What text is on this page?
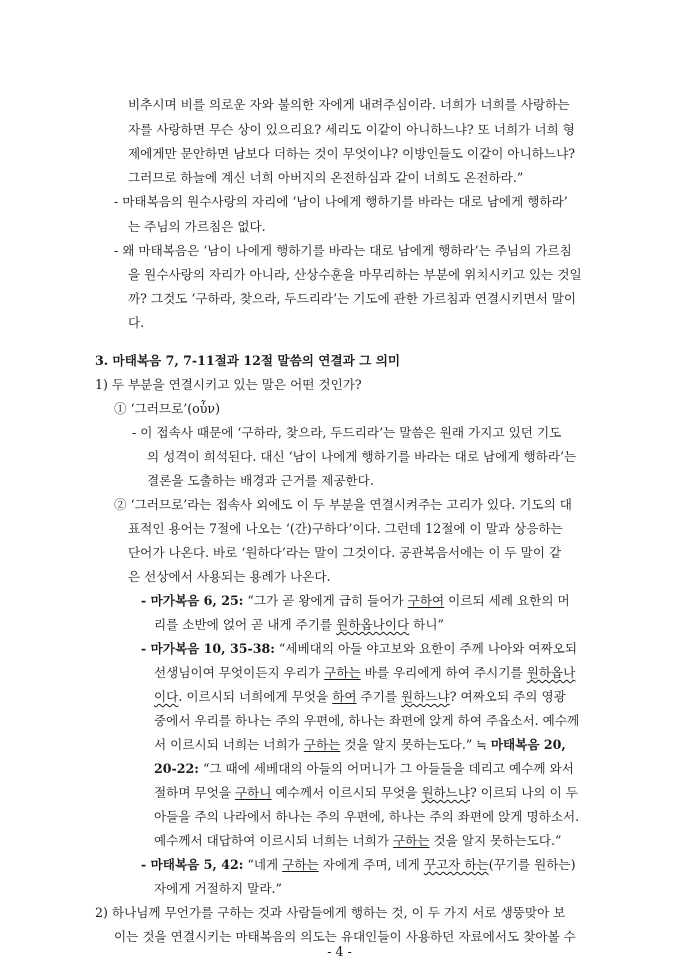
비추시며 비를 의로운 자와 불의한 자에게 내려주심이라. 너희가 너희를 사랑하는
자를 사랑하면 무슨 상이 있으리요? 세리도 이같이 아니하느냐? 또 너희가 너희 형
제에게만 문안하면 남보다 더하는 것이 무엇이냐? 이방인들도 이같이 아니하느냐?
그러므로 하늘에 계신 너희 아버지의 온전하심과 같이 너희도 온전하라.”
- 마태복음의 원수사랑의 자리에 ‘남이 나에게 행하기를 바라는 대로 남에게 행하라’
는 주님의 가르침은 없다.
- 왜 마태복음은 ‘남이 나에게 행하기를 바라는 대로 남에게 행하라’는 주님의 가르침
을 원수사랑의 자리가 아니라, 산상수훈을 마무리하는 부분에 위치시키고 있는 것일
까? 그것도 ‘구하라, 찾으라, 두드리라’는 기도에 관한 가르침과 연결시키면서 말이
다.
3. 마태복음 7, 7-11절과 12절 말씀의 연결과 그 의미
1) 두 부분을 연결시키고 있는 말은 어떤 것인가?
① ‘그러므로’(οὖν)
- 이 접속사 때문에 ‘구하라, 찾으라, 두드리라’는 말씀은 원래 가지고 있던 기도
의 성격이 희석된다. 대신 ‘남이 나에게 행하기를 바라는 대로 남에게 행하라’는
결론을 도출하는 배경과 근거를 제공한다.
② ‘그러므로’라는 접속사 외에도 이 두 부분을 연결시켜주는 고리가 있다. 기도의 대
표적인 용어는 7절에 나오는 ‘(간)구하다’이다. 그런데 12절에 이 말과 상응하는
단어가 나온다. 바로 ‘원하다’라는 말이 그것이다. 공관복음서에는 이 두 말이 같
은 선상에서 사용되는 용례가 나온다.
- 마가복음 6, 25: “그가 곧 왕에게 급히 들어가 구하여 이르되 세례 요한의 머
리를 소반에 얹어 곧 내게 주기를 원하옵나이다 하니”
- 마가복음 10, 35-38: “세베대의 아들 야고보와 요한이 주께 나아와 여짜오되
선생님이여 무엇이든지 우리가 구하는 바를 우리에게 하여 주시기를 원하옵나
이다. 이르시되 너희에게 무엇을 하여 주기를 원하느냐? 여짜오되 주의 영광
중에서 우리를 하나는 주의 우편에, 하나는 좌편에 앉게 하여 주옵소서. 예수께
서 이르시되 너희는 너희가 구하는 것을 알지 못하는도다.” ≒ 마태복음 20,
20-22: “그 때에 세베대의 아들의 어머니가 그 아들들을 데리고 예수께 와서
절하며 무엇을 구하니 예수께서 이르시되 무엇을 원하느냐? 이르되 나의 이 두
아들을 주의 나라에서 하나는 주의 우편에, 하나는 주의 좌편에 앉게 명하소서.
예수께서 대답하여 이르시되 너희는 너희가 구하는 것을 알지 못하는도다.”
- 마태복음 5, 42: “네게 구하는 자에게 주며, 네게 꾸고자 하는(꾸기를 원하는)
자에게 거절하지 말라.”
2) 하나님께 무언가를 구하는 것과 사람들에게 행하는 것, 이 두 가지 서로 생뚱맞아 보
이는 것을 연결시키는 마태복음의 의도는 유대인들이 사용하던 자료에서도 찾아볼 수
- 4 -
